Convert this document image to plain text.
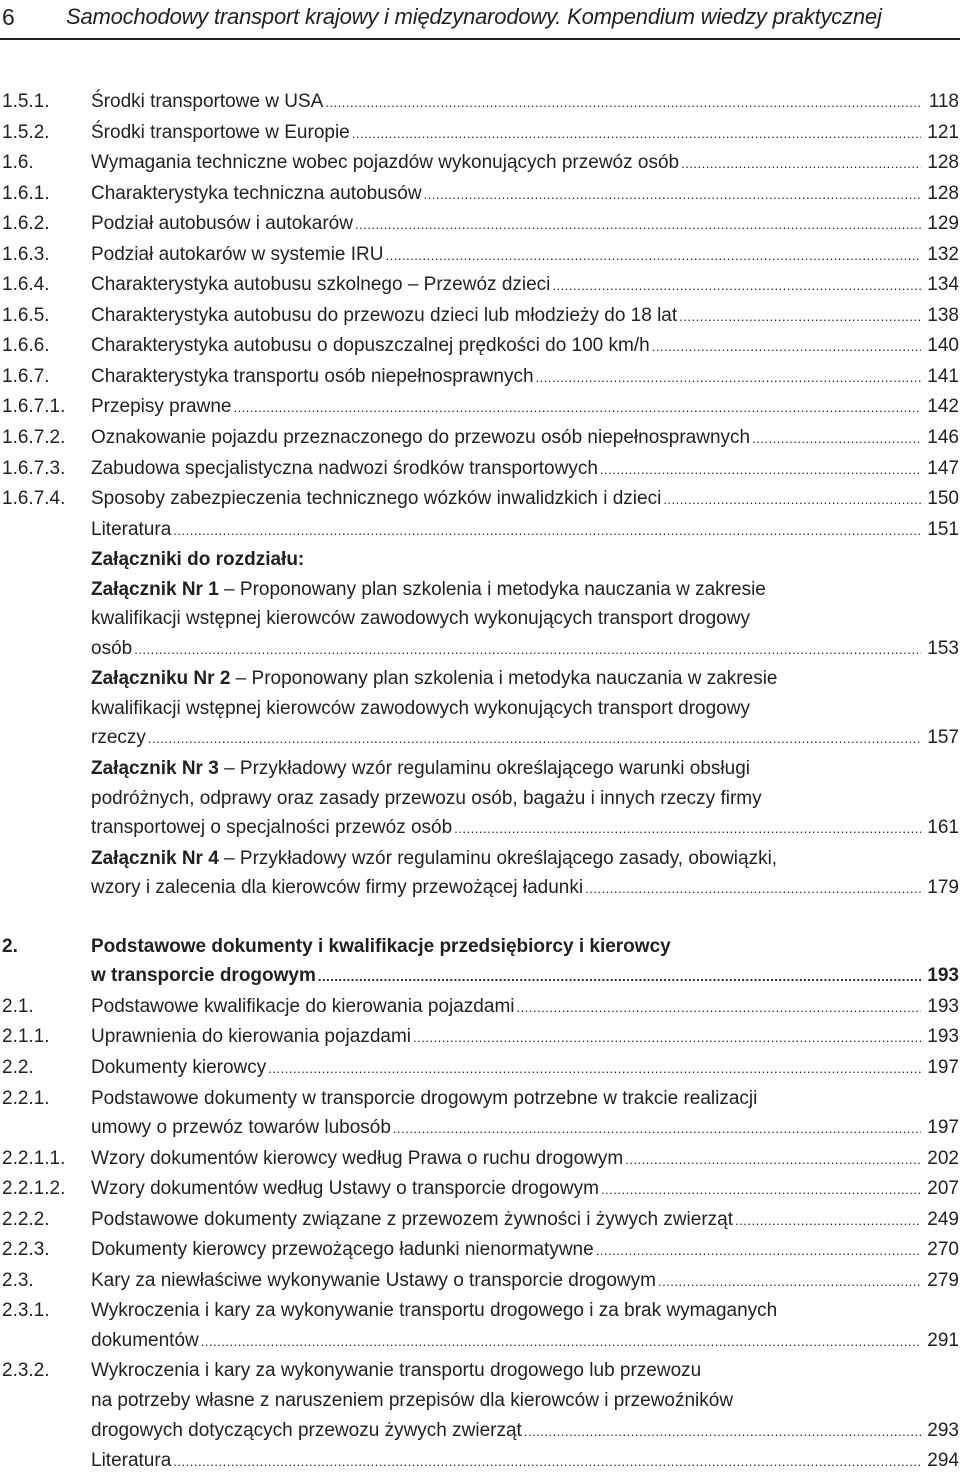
6 Samochodowy transport krajowy i międzynarodowy. Kompendium wiedzy praktycznej
1.5.1. Środki transportowe w USA .....	118
1.5.2. Środki transportowe w Europie .....	121
1.6.	Wymagania techniczne wobec pojazdów wykonujących przewóz osób .....	128
1.6.1. Charakterystyka techniczna autobusów .....	128
1.6.2. Podział autobusów i autokarów .....	129
1.6.3. Podział autokarów w systemie IRU .....	132
1.6.4. Charakterystyka autobusu szkolnego – Przewóz dzieci .....	134
1.6.5. Charakterystyka autobusu do przewozu dzieci lub młodzieży do 18 lat .....	138
1.6.6. Charakterystyka autobusu o dopuszczalnej prędkości do 100 km/h .....	140
1.6.7. Charakterystyka transportu osób niepełnosprawnych .....	141
1.6.7.1. Przepisy prawne .....	142
1.6.7.2. Oznakowanie pojazdu przeznaczonego do przewozu osób niepełnosprawnych .....	146
1.6.7.3. Zabudowa specjalistyczna nadwozi środków transportowych .....	147
1.6.7.4. Sposoby zabezpieczenia technicznego wózków inwalidzkich i dzieci .....	150
Literatura .....	151
Załączniki do rozdziału:
Załącznik Nr 1 – Proponowany plan szkolenia i metodyka nauczania w zakresie
kwalifikacji wstępnej kierowców zawodowych wykonujących transport drogowy
osób .....	153
Załączniku Nr 2 – Proponowany plan szkolenia i metodyka nauczania w zakresie
kwalifikacji wstępnej kierowców zawodowych wykonujących transport drogowy
rzeczy .....	157
Załącznik Nr 3 – Przykładowy wzór regulaminu określającego warunki obsługi
podróżnych, odprawy oraz zasady przewozu osób, bagażu i innych rzeczy firmy
transportowej o specjalności przewóz osób .....	161
Załącznik Nr 4 – Przykładowy wzór regulaminu określającego zasady, obowiązki,
wzory i zalecenia dla kierowców firmy przewożącej ładunki .....	179
2.	Podstawowe dokumenty i kwalifikacje przedsiębiorcy i kierowcy
w transporcie drogowym .....	193
2.1.	Podstawowe kwalifikacje do kierowania pojazdami .....	193
2.1.1. Uprawnienia do kierowania pojazdami .....	193
2.2.	Dokumenty kierowcy .....	197
2.2.1. Podstawowe dokumenty w transporcie drogowym potrzebne w trakcie realizacji
umowy o przewóz towarów lubosób .....	197
2.2.1.1. Wzory dokumentów kierowcy według Prawa o ruchu drogowym .....	202
2.2.1.2. Wzory dokumentów według Ustawy o transporcie drogowym .....	207
2.2.2. Podstawowe dokumenty związane z przewozem żywności i żywych zwierząt .....	249
2.2.3. Dokumenty kierowcy przewożącego ładunki nienormatywne .....	270
2.3.	Kary za niewłaściwe wykonywanie Ustawy o transporcie drogowym .....	279
2.3.1. Wykroczenia i kary za wykonywanie transportu drogowego i za brak wymaganych
dokumentów .....	291
2.3.2. Wykroczenia i kary za wykonywanie transportu drogowego lub przewozu
na potrzeby własne z naruszeniem przepisów dla kierowców i przewoźników
drogowych dotyczących przewozu żywych zwierząt .....	293
Literatura .....	294
